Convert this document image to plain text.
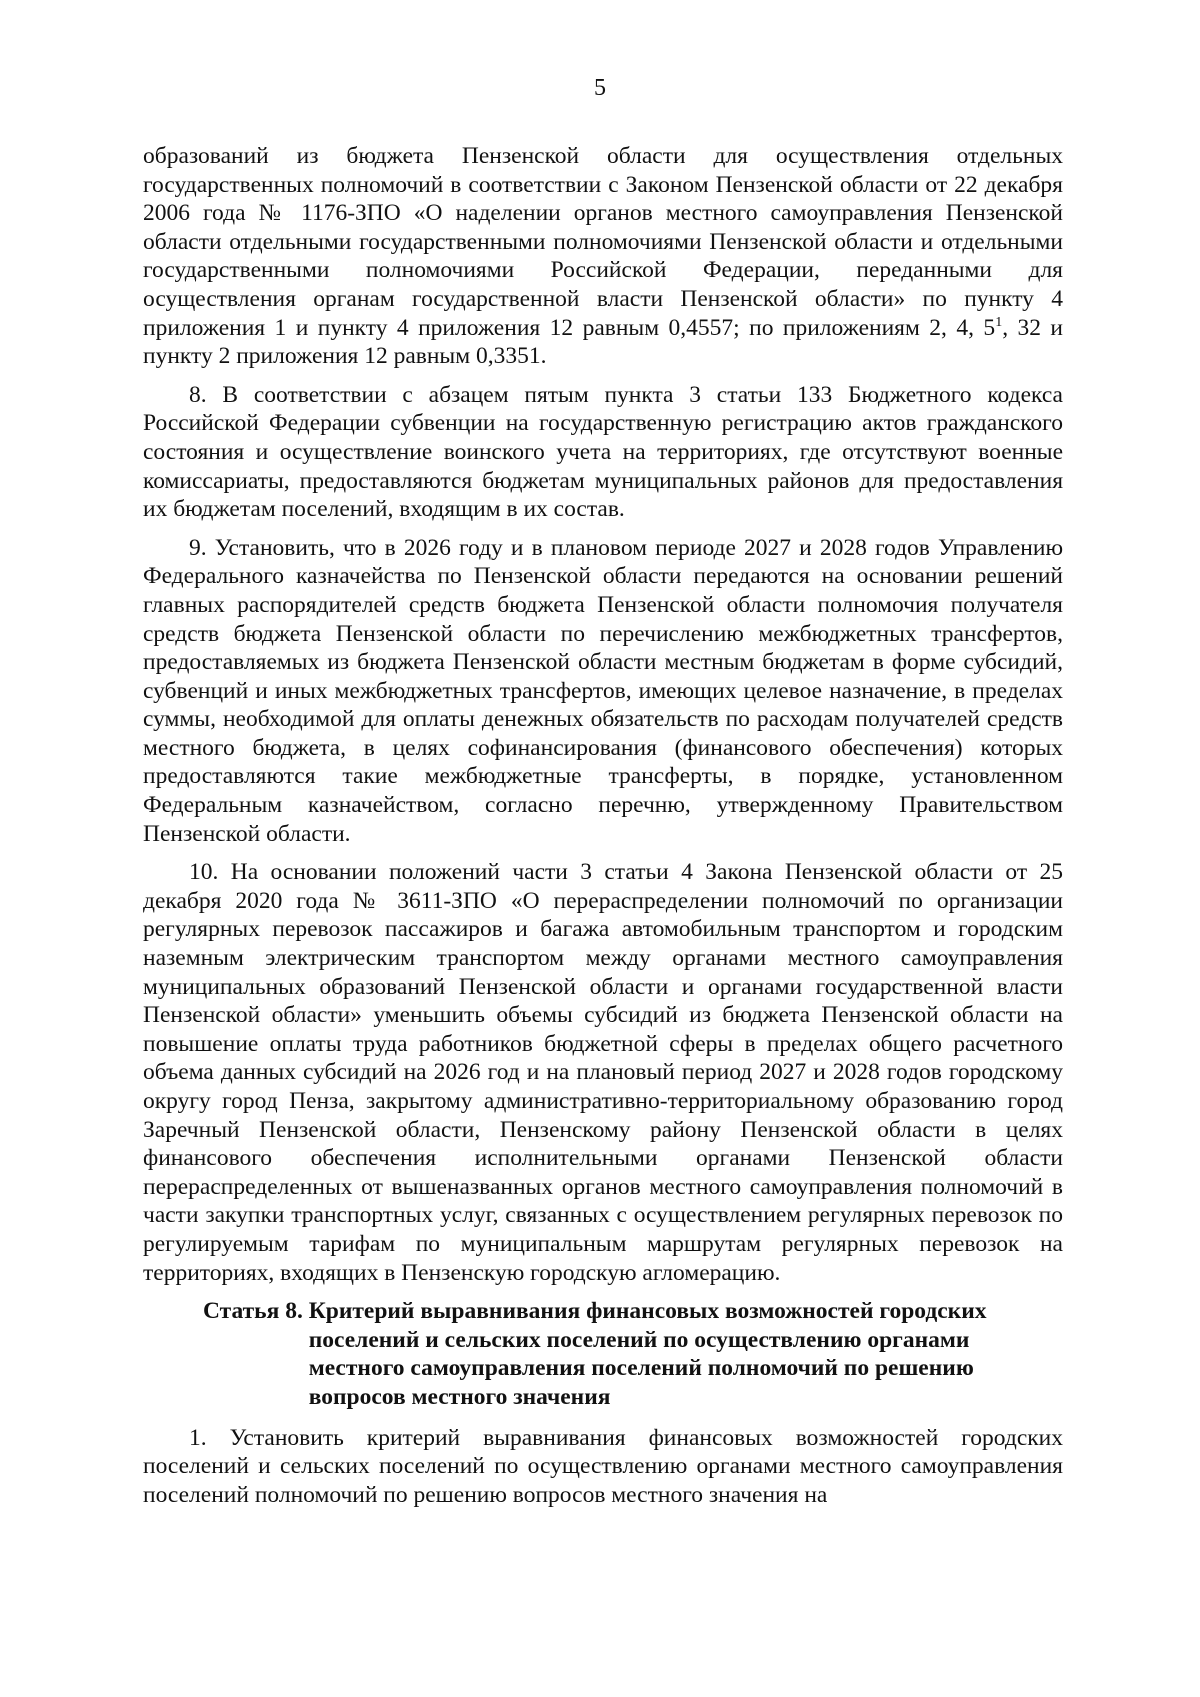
5

образований из бюджета Пензенской области для осуществления отдельных государственных полномочий в соответствии с Законом Пензенской области от 22 декабря 2006 года № 1176-ЗПО «О наделении органов местного самоуправления Пензенской области отдельными государственными полномочиями Пензенской области и отдельными государственными полномочиями Российской Федерации, переданными для осуществления органам государственной власти Пензенской области» по пункту 4 приложения 1 и пункту 4 приложения 12 равным 0,4557; по приложениям 2, 4, $5^1$, 32 и пункту 2 приложения 12 равным 0,3351.

8. В соответствии с абзацем пятым пункта 3 статьи 133 Бюджетного кодекса Российской Федерации субвенции на государственную регистрацию актов гражданского состояния и осуществление воинского учета на территориях, где отсутствуют военные комиссариаты, предоставляются бюджетам муниципальных районов для предоставления их бюджетам поселений, входящим в их состав.

9. Установить, что в 2026 году и в плановом периоде 2027 и 2028 годов Управлению Федерального казначейства по Пензенской области передаются на основании решений главных распорядителей средств бюджета Пензенской области полномочия получателя средств бюджета Пензенской области по перечислению межбюджетных трансфертов, предоставляемых из бюджета Пензенской области местным бюджетам в форме субсидий, субвенций и иных межбюджетных трансфертов, имеющих целевое назначение, в пределах суммы, необходимой для оплаты денежных обязательств по расходам получателей средств местного бюджета, в целях софинансирования (финансового обеспечения) которых предоставляются такие межбюджетные трансферты, в порядке, установленном Федеральным казначейством, согласно перечню, утвержденному Правительством Пензенской области.

10. На основании положений части 3 статьи 4 Закона Пензенской области от 25 декабря 2020 года № 3611-ЗПО «О перераспределении полномочий по организации регулярных перевозок пассажиров и багажа автомобильным транспортом и городским наземным электрическим транспортом между органами местного самоуправления муниципальных образований Пензенской области и органами государственной власти Пензенской области» уменьшить объемы субсидий из бюджета Пензенской области на повышение оплаты труда работников бюджетной сферы в пределах общего расчетного объема данных субсидий на 2026 год и на плановый период 2027 и 2028 годов городскому округу город Пенза, закрытому административно-территориальному образованию город Заречный Пензенской области, Пензенскому району Пензенской области в целях финансового обеспечения исполнительными органами Пензенской области перераспределенных от вышеназванных органов местного самоуправления полномочий в части закупки транспортных услуг, связанных с осуществлением регулярных перевозок по регулируемым тарифам по муниципальным маршрутам регулярных перевозок на территориях, входящих в Пензенскую городскую агломерацию.

Статья 8. Критерий выравнивания финансовых возможностей городских поселений и сельских поселений по осуществлению органами местного самоуправления поселений полномочий по решению вопросов местного значения

1. Установить критерий выравнивания финансовых возможностей городских поселений и сельских поселений по осуществлению органами местного самоуправления поселений полномочий по решению вопросов местного значения на
